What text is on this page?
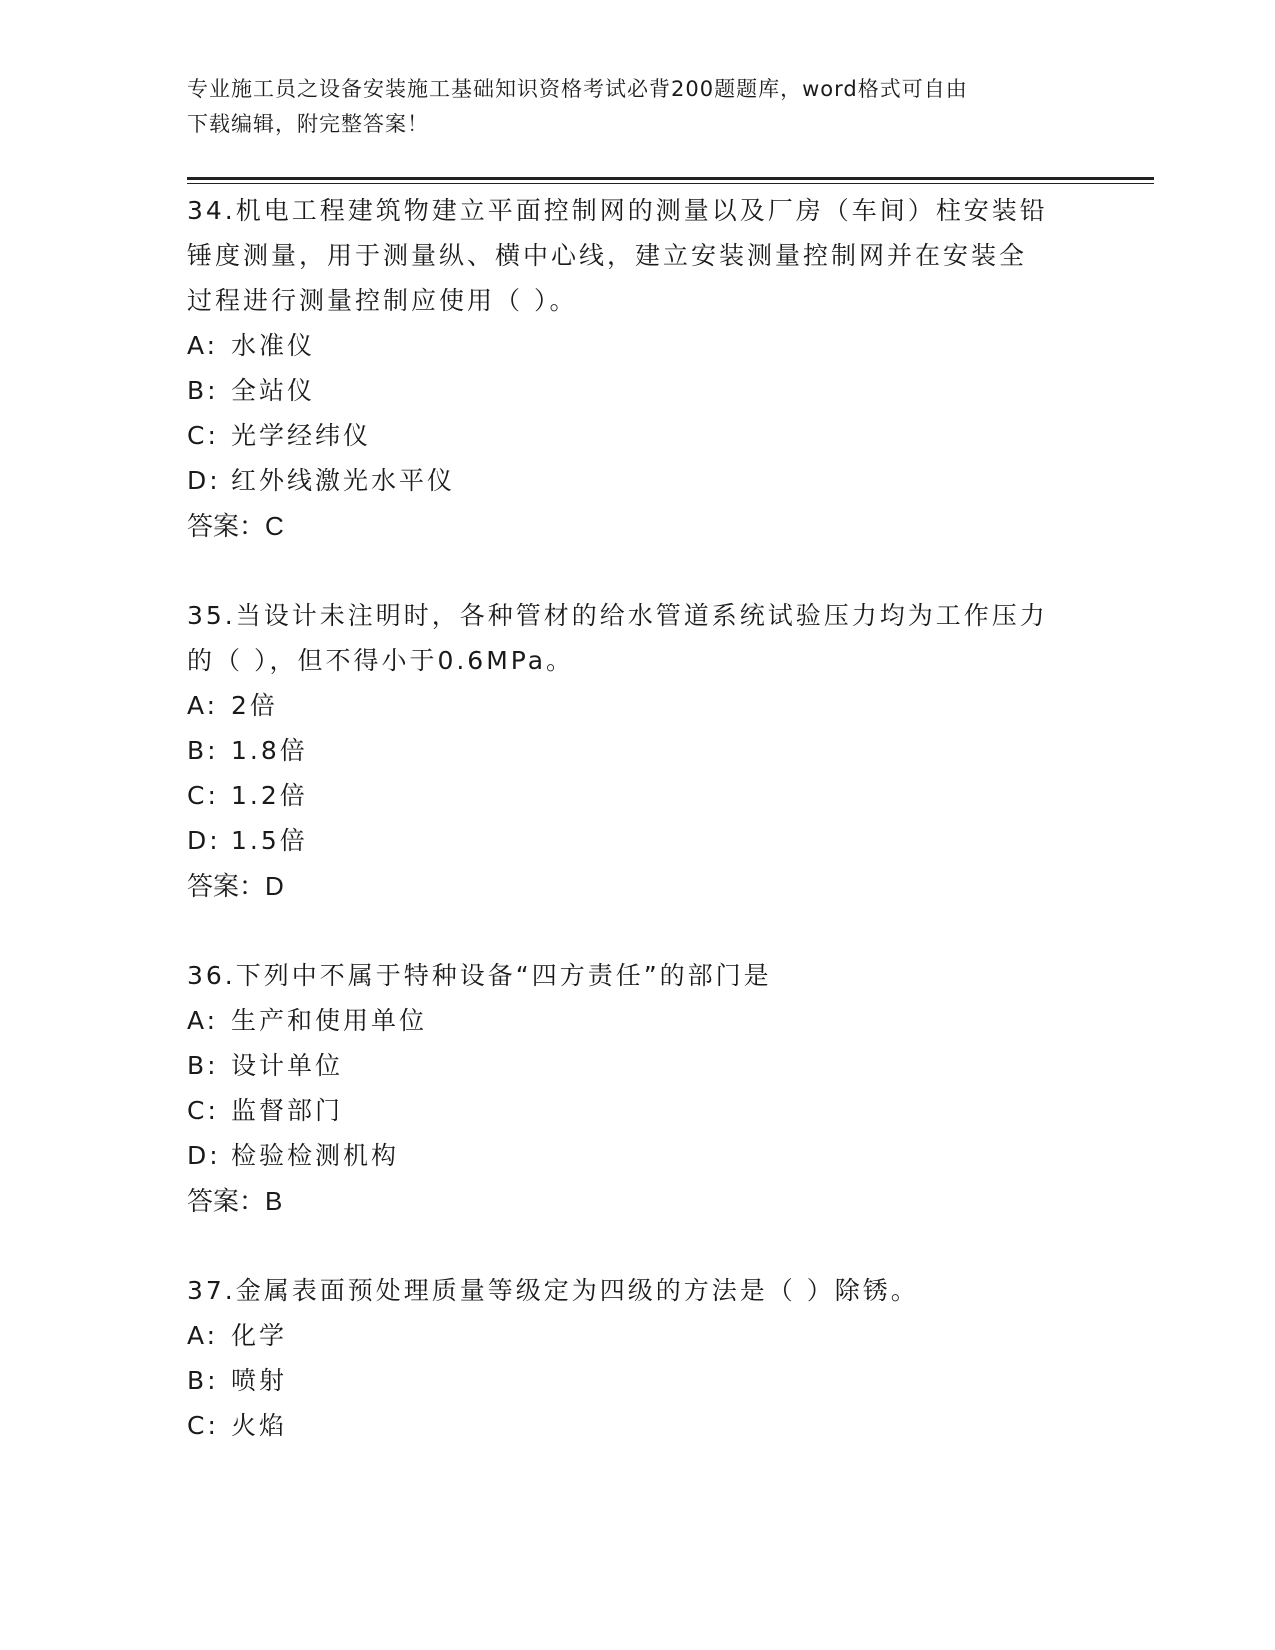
专业施工员之设备安装施工基础知识资格考试必背200题题库，word格式可自由
下载编辑，附完整答案！
34.机电工程建筑物建立平面控制网的测量以及厂房（车间）柱安装铅
锤度测量，用于测量纵、横中心线，建立安装测量控制网并在安装全
过程进行测量控制应使用（ ）。
A: 水准仪
B: 全站仪
C: 光学经纬仪
D: 红外线激光水平仪
答案：C
35.当设计未注明时，各种管材的给水管道系统试验压力均为工作压力
的（ ），但不得小于0.6MPa。
A: 2倍
B: 1.8倍
C: 1.2倍
D: 1.5倍
答案：D
36.下列中不属于特种设备“四方责任”的部门是
A: 生产和使用单位
B: 设计单位
C: 监督部门
D: 检验检测机构
答案：B
37.金属表面预处理质量等级定为四级的方法是（ ）除锈。
A: 化学
B: 喷射
C: 火焰
